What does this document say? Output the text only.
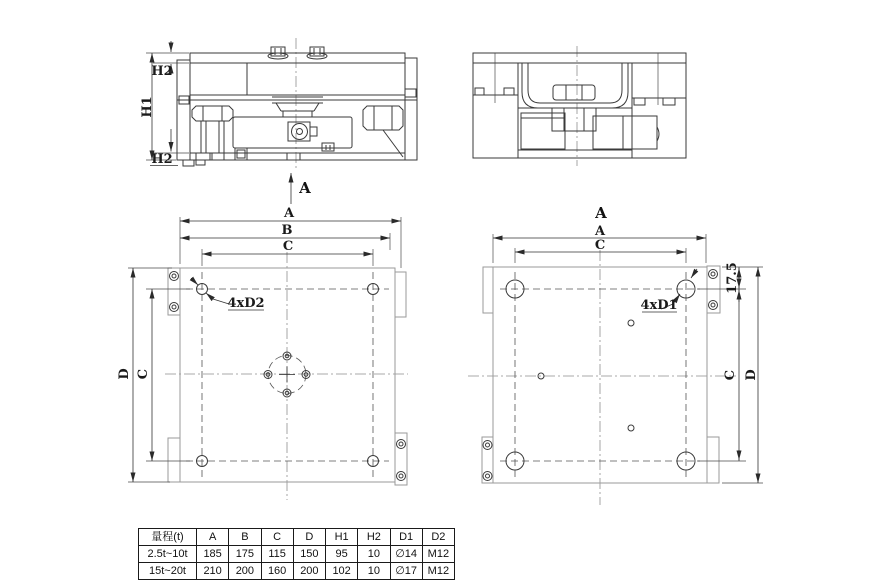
H2
H1
H2
A
A
B
C
D C
4xD2
A
A
C
17.5
C D
4xD1
量程(t)	A	B	C	D	H1	H2	D1	D2
2.5t~10t	185	175	115	150	95	10	∅14	M12
15t~20t	210	200	160	200	102	10	∅17	M12
